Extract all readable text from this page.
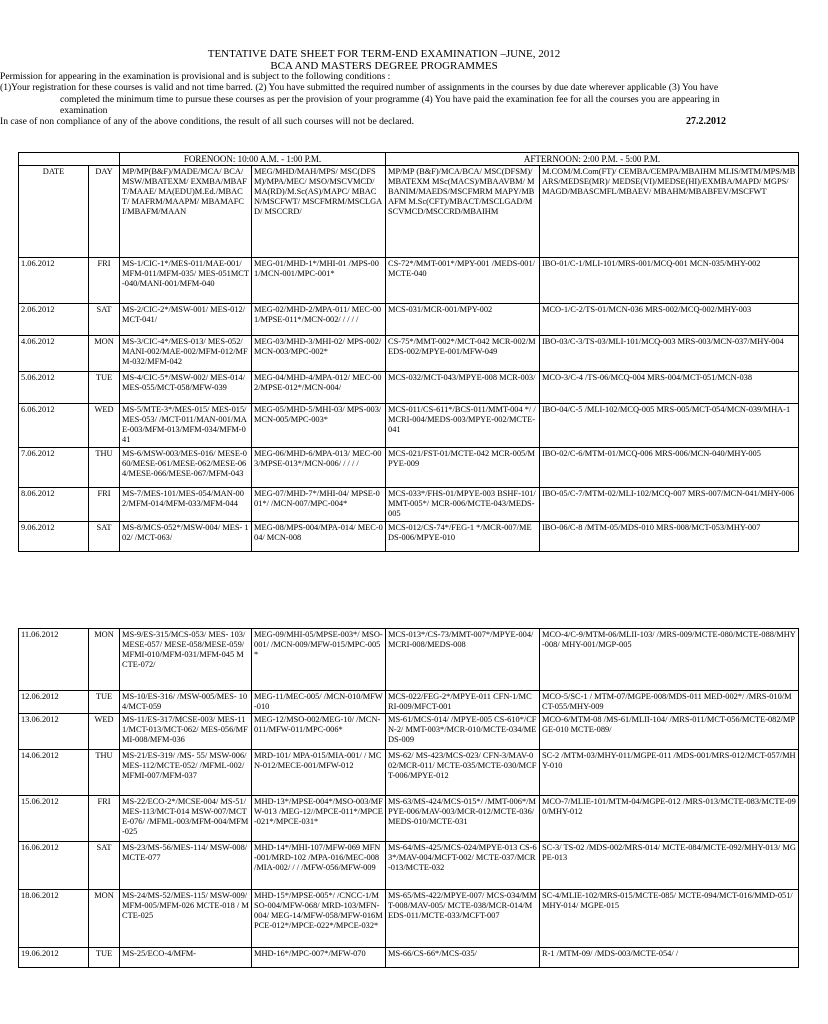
TENTATIVE DATE SHEET FOR TERM-END EXAMINATION –JUNE, 2012
BCA AND MASTERS DEGREE PROGRAMMES
Permission for appearing in the examination is provisional and is subject to the following conditions :
(1)Your registration for these courses is valid and not time barred. (2) You have submitted the required number of assignments in the courses by due date wherever applicable (3) You have
completed the minimum time to pursue these courses as per the provision of your programme (4) You have paid the examination fee for all the courses you are appearing in
examination
In case of non compliance of any of the above conditions, the result of all such courses will not be declared.	27.2.2012
		FORENOON: 10:00 A.M. - 1:00 P.M.		AFTERNOON: 2:00 P.M. - 5:00 P.M.	
DATE	DAY	MP/MP(B&F)/MADE/MCA/ BCA/MSW/MBATEXM/ EXMBA/MBAFT/MAAE/ MA(EDU)M.Ed./MBACT/ MAFRM/MAAPM/ MBAMAFCI/MBAFM/MAAN	MEG/MHD/MAH/MPS/ MSC(DFSM)/MPA/MEC/ MSO/MSCVMCD/ MA(RD)/M.Sc(AS)/MAPC/ MBACN/MSCFWT/ MSCFMRM/MSCLGAD/ MSCCRD/	MP/MP (B&F)/MCA/BCA/ MSC(DFSM)/ MBATEXM MSc(MACS)/MBAAVBM/ MBANIM/MAEDS/MSCFMRM MAPY/MBAFM M.Sc(CFT)/MBACT/MSCLGAD/M SCVMCD/MSCCRD/MBAIHM	M.COM/M.Com(FT)/ CEMBA/CEMPA/MBAIHM MLIS/MTM/MPS/MBARS/MEDSE(MR)/ MEDSE(VI)/MEDSE(HI)/EXMBA/MAPD/ MGPS/MAGD/MBASCMFL/MBAEV/ MBAHM/MBABFEV/MSCFWT
1.06.2012	FRI	MS-1/CIC-1*/MES-011/MAE-001/MFM-011/MFM-035/ MES-051MCT-040/MANI-001/MFM-040	MEG-01/MHD-1*/MHI-01 /MPS-001/MCN-001/MPC-001*	CS-72*/MMT-001*/MPY-001 /MEDS-001/MCTE-040	IBO-01/C-1/MLI-101/MRS-001/MCQ-001 MCN-035/MHY-002
2.06.2012	SAT	MS-2/CIC-2*/MSW-001/ MES-012/MCT-041/	MEG-02/MHD-2/MPA-011/ MEC-001/MPSE-011*/MCN-002/ / / / /	MCS-031/MCR-001/MPY-002	MCO-1/C-2/TS-01/MCN-036 MRS-002/MCQ-002/MHY-003
4.06.2012	MON	MS-3/CIC-4*/MES-013/ MES-052/MANI-002/MAE-002/MFM-012/MFM-032/MFM-042	MEG-03/MHD-3/MHI-02/ MPS-002/MCN-003/MPC-002*	CS-75*/MMT-002*/MCT-042 MCR-002/MEDS-002/MPYE-001/MFW-049	IBO-03/C-3/TS-03/MLI-101/MCQ-003 MRS-003/MCN-037/MHY-004
5.06.2012	TUE	MS-4/CIC-5*/MSW-002/ MES-014/MES-055/MCT-058/MFW-039	MEG-04/MHD-4/MPA-012/ MEC-002/MPSE-012*/MCN-004/	MCS-032/MCT-043/MPYE-008 MCR-003/	MCO-3/C-4 /TS-06/MCQ-004 MRS-004/MCT-051/MCN-038
6.06.2012	WED	MS-5/MTE-3*/MES-015/ MES-015/MES-053/ /MCT-011/MAN-001/MAE-003/MFM-013/MFM-034/MFM-041	MEG-05/MHD-5/MHI-03/ MPS-003/MCN-005/MPC-003*	MCS-011/CS-611*/BCS-011/MMT-004 */ /MCRI-004/MEDS-003/MPYE-002/MCTE-041	IBO-04/C-5 /MLI-102/MCQ-005 MRS-005/MCT-054/MCN-039/MHA-1
7.06.2012	THU	MS-6/MSW-003/MES-016/ MESE-060/MESE-061/MESE-062/MESE-064/MESE-066/MESE-067/MFM-043	MEG-06/MHD-6/MPA-013/ MEC-003/MPSE-013*/MCN-006/ / / / /	MCS-021/FST-01/MCTE-042 MCR-005/MPYE-009	IBO-02/C-6/MTM-01/MCQ-006 MRS-006/MCN-040/MHY-005
8.06.2012	FRI	MS-7/MES-101/MES-054/MAN-002/MFM-014/MFM-033/MFM-044	MEG-07/MHD-7*/MHI-04/ MPSE-001*/ /MCN-007/MPC-004*	MCS-033*/FHS-01/MPYE-003 BSHF-101/MMT-005*/ MCR-006/MCTE-043/MEDS-005	IBO-05/C-7/MTM-02/MLI-102/MCQ-007 MRS-007/MCN-041/MHY-006
9.06.2012	SAT	MS-8/MCS-052*/MSW-004/ MES- 102/ /MCT-063/	MEG-08/MPS-004/MPA-014/ MEC-004/ MCN-008	MCS-012/CS-74*/FEG-1 */MCR-007/MEDS-006/MPYE-010	IBO-06/C-8 /MTM-05/MDS-010 MRS-008/MCT-053/MHY-007
11.06.2012	MON	MS-9/ES-315/MCS-053/ MES- 103/MESE-057/ MESE-058/MESE-059/ MFMI-010/MFM-031/MFM-045 MCTE-072/	MEG-09/MHI-05/MPSE-003*/ MSO-001/ /MCN-009/MFW-015/MPC-005*	MCS-013*/CS-73/MMT-007*/MPYE-004/MCRI-008/MEDS-008	MCO-4/C-9/MTM-06/MLII-103/ /MRS-009/MCTE-080/MCTE-088/MHY-008/ MHY-001/MGP-005
12.06.2012	TUE	MS-10/ES-316/ /MSW-005/MES- 104/MCT-059	MEG-11/MEC-005/ /MCN-010/MFW-010	MCS-022/FEG-2*/MPYE-011 CFN-1/MCRI-009/MFCT-001	MCO-5/SC-1 / MTM-07/MGPE-008/MDS-011 MED-002*/ /MRS-010/MCT-055/MHY-009
13.06.2012	WED	MS-11/ES-317/MCSE-003/ MES-111/MCT-013/MCT-062/ MES-056/MFMI-008/MFM-036	MEG-12/MSO-002/MEG-10/ /MCN-011/MFW-011/MPC-006*	MS-61/MCS-014/ /MPYE-005 CS-610*/CFN-2/ MMT-003*/MCR-010/MCTE-034/MEDS-009	MCO-6/MTM-08 /MS-61/MLII-104/ /MRS-011/MCT-056/MCTE-082/MPGE-010 MCTE-089/
14.06.2012	THU	MS-21/ES-319/ /MS- 55/ MSW-006/MES-112/MCTE-052/ /MFML-002/MFMI-007/MFM-037	MRD-101/ MPA-015/MIA-001/ / MCN-012/MECE-001/MFW-012	MS-62/ MS-423/MCS-023/ CFN-3/MAV-002/MCR-011/ MCTE-035/MCTE-030/MCFT-006/MPYE-012	SC-2 /MTM-03/MHY-011/MGPE-011 /MDS-001/MRS-012/MCT-057/MHY-010
15.06.2012	FRI	MS-22/ECO-2*/MCSE-004/ MS-51/MES-113/MCT-014 MSW-007/MCTE-076/ /MFML-003/MFM-004/MFM-025	MHD-13*/MPSE-004*/MSO-003/MFW-013 /MEG-12//MPCE-011*/MPCE-021*/MPCE-031*	MS-63/MS-424/MCS-015*/ /MMT-006*/MPYE-006/MAV-003/MCR-012/MCTE-036/MEDS-010/MCTE-031	MCO-7/MLIE-101/MTM-04/MGPE-012 /MRS-013/MCTE-083/MCTE-090/MHY-012
16.06.2012	SAT	MS-23/MS-56/MES-114/ MSW-008/MCTE-077	MHD-14*/MHI-107/MFW-069 MFN-001/MRD-102 /MPA-016/MEC-008 /MIA-002/ / / /MFW-056/MFW-009	MS-64/MS-425/MCS-024/MPYE-013 CS-63*/MAV-004/MCFT-002/ MCTE-037/MCR-013/MCTE-032	SC-3/ TS-02 /MDS-002/MRS-014/ MCTE-084/MCTE-092/MHY-013/ MGPE-013
18.06.2012	MON	MS-24/MS-52/MES-115/ MSW-009/ MFM-005/MFM-026 MCTE-018 / MCTE-025	MHD-15*/MPSE-005*/ /CNCC-1/MSO-004/MFW-068/ MRD-103/MFN-004/ MEG-14/MFW-058/MFW-016MPCE-012*/MPCE-022*/MPCE-032*	MS-65/MS-422/MPYE-007/ MCS-034/MMT-008/MAV-005/ MCTE-038/MCR-014/MEDS-011/MCTE-033/MCFT-007	SC-4/MLIE-102/MRS-015/MCTE-085/ MCTE-094/MCT-016/MMD-051/MHY-014/ MGPE-015
19.06.2012	TUE	MS-25/ECO-4/MFM-	MHD-16*/MPC-007*/MFW-070	MS-66/CS-66*/MCS-035/	R-1 /MTM-09/ /MDS-003/MCTE-054/ /
